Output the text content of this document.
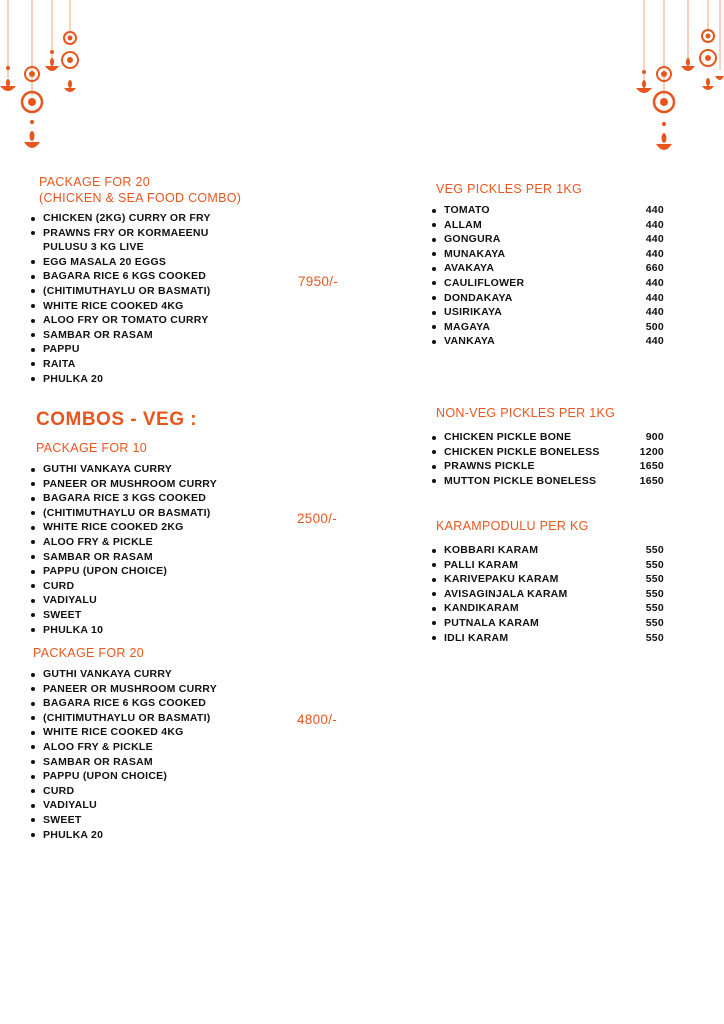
PACKAGE FOR 20
(CHICKEN & SEA FOOD COMBO)
CHICKEN (2KG) CURRY OR FRY
PRAWNS FRY OR KORMAEENU
PULUSU 3 KG LIVE
EGG MASALA 20 EGGS
BAGARA RICE 6 KGS COOKED
(CHITIMUTHAYLU OR BASMATI)
WHITE RICE COOKED 4KG
ALOO FRY OR TOMATO CURRY
SAMBAR OR RASAM
PAPPU
RAITA
PHULKA 20

7950/-

COMBOS - VEG :
PACKAGE FOR 10
GUTHI VANKAYA CURRY
PANEER OR MUSHROOM CURRY
BAGARA RICE 3 KGS COOKED
(CHITIMUTHAYLU OR BASMATI)
WHITE RICE COOKED 2KG
ALOO FRY & PICKLE
SAMBAR OR RASAM
PAPPU (UPON CHOICE)
CURD
VADIYALU
SWEET
PHULKA 10

2500/-

PACKAGE FOR 20
GUTHI VANKAYA CURRY
PANEER OR MUSHROOM CURRY
BAGARA RICE 6 KGS COOKED
(CHITIMUTHAYLU OR BASMATI)
WHITE RICE COOKED 4KG
ALOO FRY & PICKLE
SAMBAR OR RASAM
PAPPU (UPON CHOICE)
CURD
VADIYALU
SWEET
PHULKA 20

4800/-

VEG PICKLES PER 1KG
TOMATO	440
ALLAM	440
GONGURA	440
MUNAKAYA	440
AVAKAYA	660
CAULIFLOWER	440
DONDAKAYA	440
USIRIKAYA	440
MAGAYA	500
VANKAYA	440
NON-VEG PICKLES PER 1KG
CHICKEN PICKLE BONE	900
CHICKEN PICKLE BONELESS	1200
PRAWNS PICKLE	1650
MUTTON PICKLE BONELESS	1650
KARAMPODULU PER KG
KOBBARI KARAM	550
PALLI KARAM	550
KARIVEPAKU KARAM	550
AVISAGINJALA KARAM	550
KANDIKARAM	550
PUTNALA KARAM	550
IDLI KARAM	550
